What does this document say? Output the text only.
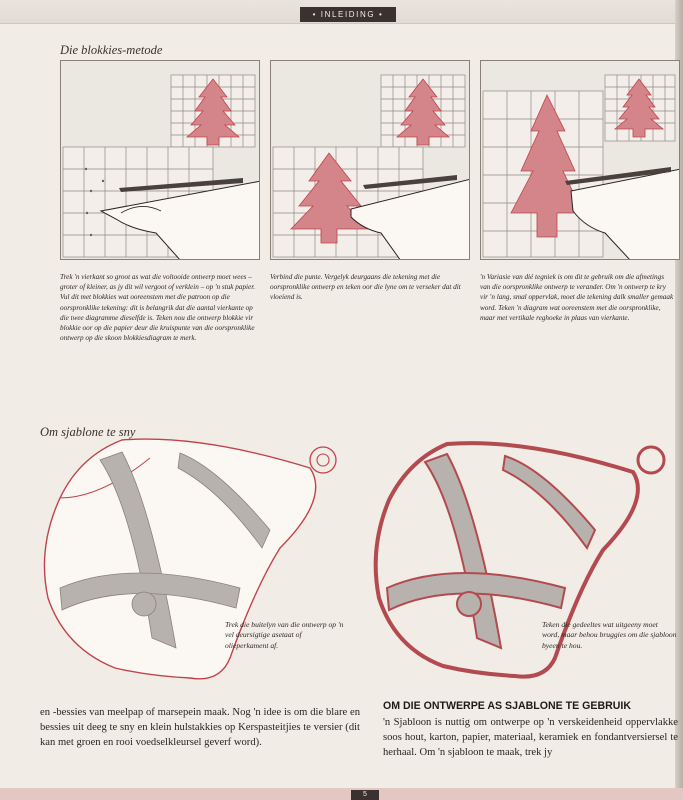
• INLEIDING •
Die blokkies-metode
Trek 'n vierkant so groot as wat die voltooide ontwerp moet wees – groter of kleiner, as jy dit wil vergoot of verklein – op 'n stuk papier. Vul dit met blokkies wat ooreenstem met die patroon op die oorspronklike tekening: dit is belangrik dat die aantal vierkante op die twee diagramme dieselfde is. Teken nou die ontwerp blokkie vir blokkie oor op die papier deur die kruispunte van die oorspronklike ontwerp op die skoon blokkiesdiagram te merk.
Verbind die punte. Vergelyk deurgaans die tekening met die oorspronklike ontwerp en teken oor die lyne om te verseker dat dit vloeiend is.
'n Variasie van dié tegniek is om dit te gebruik om die afmetings van die oorspronklike ontwerp te verander. Om 'n ontwerp te kry vir 'n lang, smal oppervlak, moet die tekening dalk smaller gemaak word. Teken 'n diagram wat ooreenstem met die oorspronklike, maar met vertikale reghoeke in plaas van vierkante.
Om sjablone te sny
Trek die buitelyn van die ontwerp op 'n vel deursigtige asetaat of olieperkament af.
Teken die gedeeltes wat uitgeeny moet word, maar behou bruggies om die sjabloon byeen te hou.
en -bessies van meelpap of marsepein maak. Nog 'n idee is om die blare en bessies uit deeg te sny en klein hulstakkies op Kerspasteitjies te versier (dit kan met groen en rooi voedselkleursel geverf word).
OM DIE ONTWERPE AS SJABLONE TE GEBRUIK
'n Sjabloon is nuttig om ontwerpe op 'n verskeidenheid oppervlakke soos hout, karton, papier, materiaal, keramiek en fondantversiersel te herhaal. Om 'n sjabloon te maak, trek jy
5
